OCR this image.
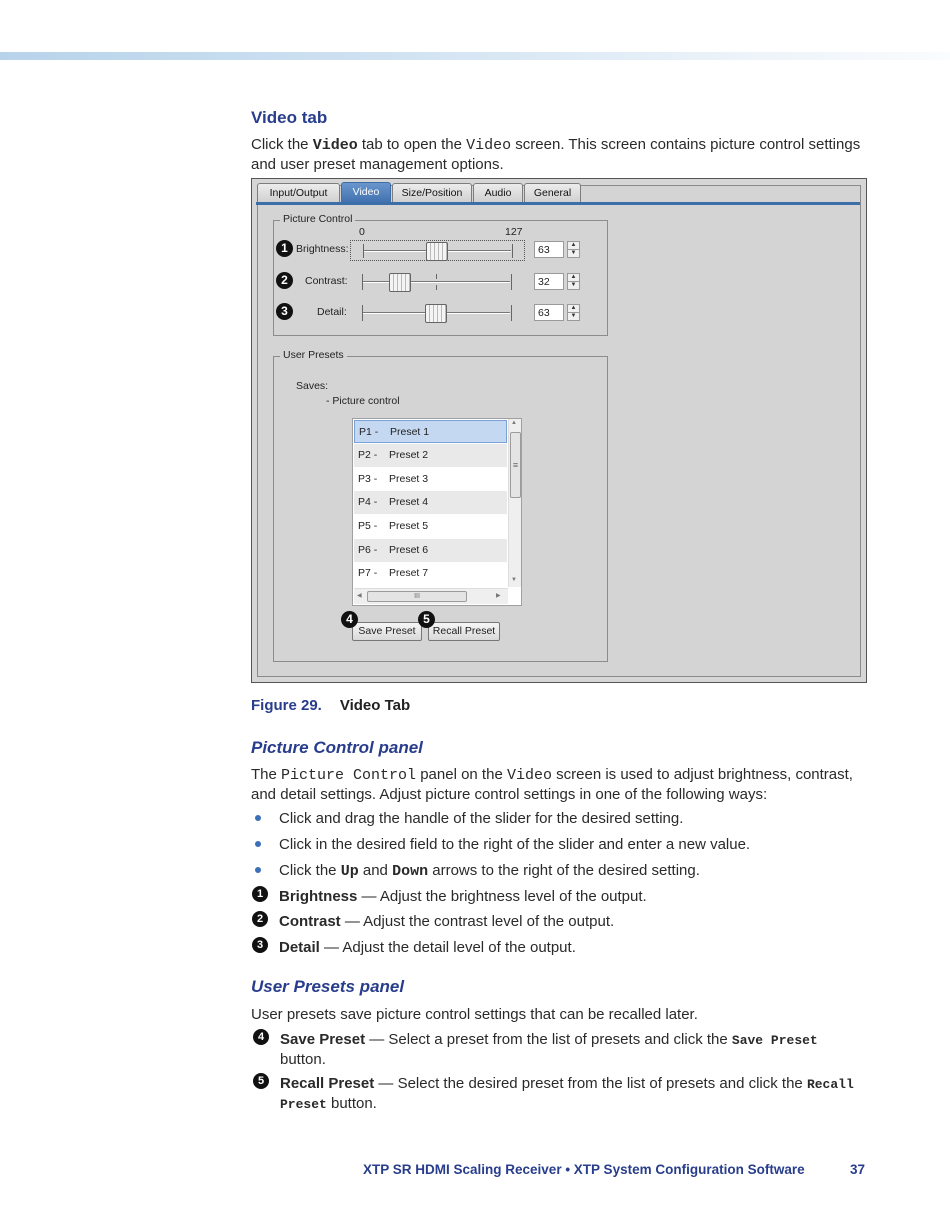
Video tab
Click the Video tab to open the Video screen. This screen contains picture control settings
and user preset management options.
Input/Output	Video	Size/Position	Audio	General
Picture Control
0	127
1 Brightness:	63	▲
▼
2	Contrast:	32	▲
▼
3	Detail:	63	▲
▼
User Presets
Saves:
- Picture control
P1 - Preset 1
P2 - Preset 2
P3 - Preset 3
P4 - Preset 4
P5 - Preset 5
P6 - Preset 6
P7 - Preset 7
▲
≡
▼
◀	III	▶
Save Preset	Recall Preset
4	5
Figure 29. Video Tab
Picture Control panel
The Picture Control panel on the Video screen is used to adjust brightness, contrast,
and detail settings. Adjust picture control settings in one of the following ways:
Click and drag the handle of the slider for the desired setting.
Click in the desired field to the right of the slider and enter a new value.
Click the Up and Down arrows to the right of the desired setting.
1	Brightness — Adjust the brightness level of the output.
2	Contrast — Adjust the contrast level of the output.
3	Detail — Adjust the detail level of the output.
User Presets panel
User presets save picture control settings that can be recalled later.
4	Save Preset — Select a preset from the list of presets and click the Save Preset
button.
5	Recall Preset — Select the desired preset from the list of presets and click the Recall
Preset button.
XTP SR HDMI Scaling Receiver • XTP System Configuration Software	37
